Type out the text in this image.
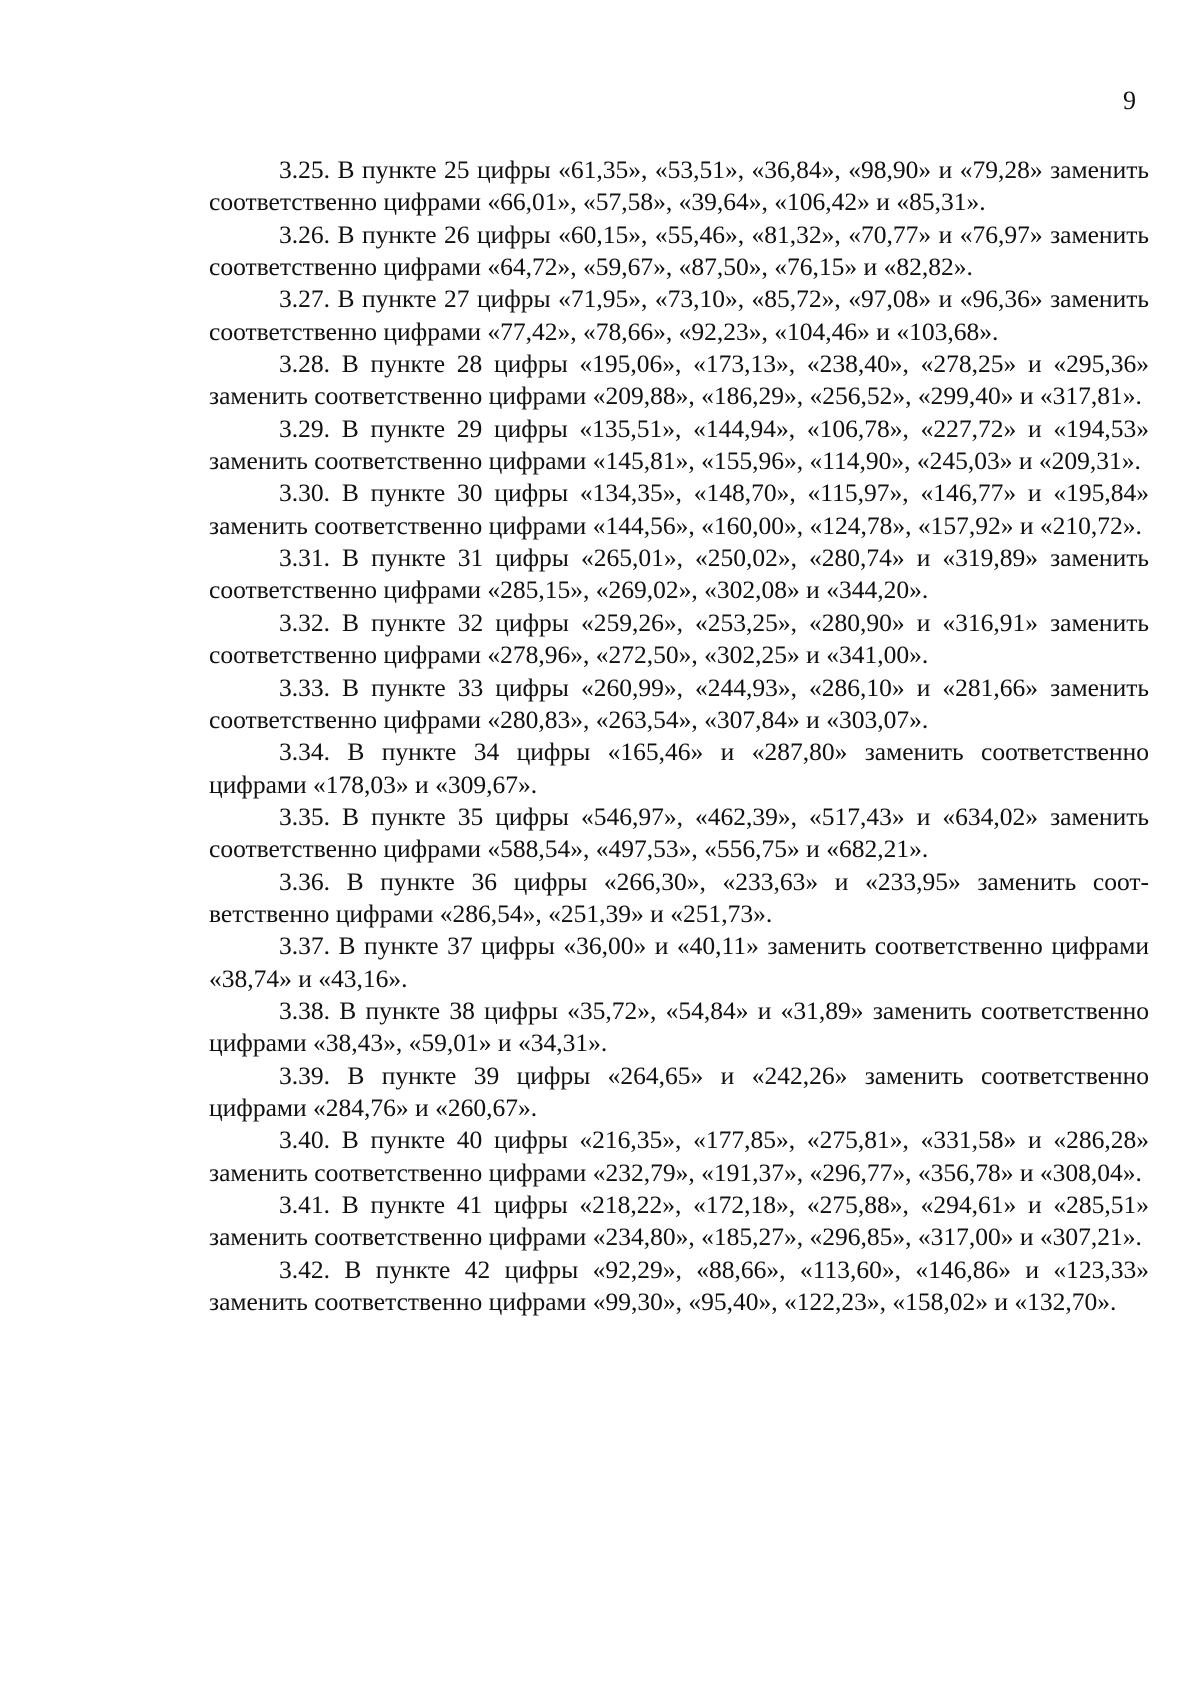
9

3.25. В пункте 25 цифры «61,35», «53,51», «36,84», «98,90» и «79,28» заменить соответственно цифрами «66,01», «57,58», «39,64», «106,42» и «85,31».

3.26. В пункте 26 цифры «60,15», «55,46», «81,32», «70,77» и «76,97» заменить соответственно цифрами «64,72», «59,67», «87,50», «76,15» и «82,82».

3.27. В пункте 27 цифры «71,95», «73,10», «85,72», «97,08» и «96,36» заменить соответственно цифрами «77,42», «78,66», «92,23», «104,46» и «103,68».

3.28. В пункте 28 цифры «195,06», «173,13», «238,40», «278,25» и «295,36» заменить соответственно цифрами «209,88», «186,29», «256,52», «299,40» и «317,81».

3.29. В пункте 29 цифры «135,51», «144,94», «106,78», «227,72» и «194,53» заменить соответственно цифрами «145,81», «155,96», «114,90», «245,03» и «209,31».

3.30. В пункте 30 цифры «134,35», «148,70», «115,97», «146,77» и «195,84» заменить соответственно цифрами «144,56», «160,00», «124,78», «157,92» и «210,72».

3.31. В пункте 31 цифры «265,01», «250,02», «280,74» и «319,89» заменить соответственно цифрами «285,15», «269,02», «302,08» и «344,20».

3.32. В пункте 32 цифры «259,26», «253,25», «280,90» и «316,91» заменить соответственно цифрами «278,96», «272,50», «302,25» и «341,00».

3.33. В пункте 33 цифры «260,99», «244,93», «286,10» и «281,66» заменить соответственно цифрами «280,83», «263,54», «307,84» и «303,07».

3.34. В пункте 34 цифры «165,46» и «287,80» заменить соответственно цифрами «178,03» и «309,67».

3.35. В пункте 35 цифры «546,97», «462,39», «517,43» и «634,02» заменить соответственно цифрами «588,54», «497,53», «556,75» и «682,21».

3.36. В пункте 36 цифры «266,30», «233,63» и «233,95» заменить соответственно цифрами «286,54», «251,39» и «251,73».

3.37. В пункте 37 цифры «36,00» и «40,11» заменить соответственно цифрами «38,74» и «43,16».

3.38. В пункте 38 цифры «35,72», «54,84» и «31,89» заменить соответственно цифрами «38,43», «59,01» и «34,31».

3.39. В пункте 39 цифры «264,65» и «242,26» заменить соответственно цифрами «284,76» и «260,67».

3.40. В пункте 40 цифры «216,35», «177,85», «275,81», «331,58» и «286,28» заменить соответственно цифрами «232,79», «191,37», «296,77», «356,78» и «308,04».

3.41. В пункте 41 цифры «218,22», «172,18», «275,88», «294,61» и «285,51» заменить соответственно цифрами «234,80», «185,27», «296,85», «317,00» и «307,21».

3.42. В пункте 42 цифры «92,29», «88,66», «113,60», «146,86» и «123,33» заменить соответственно цифрами «99,30», «95,40», «122,23», «158,02» и «132,70».
